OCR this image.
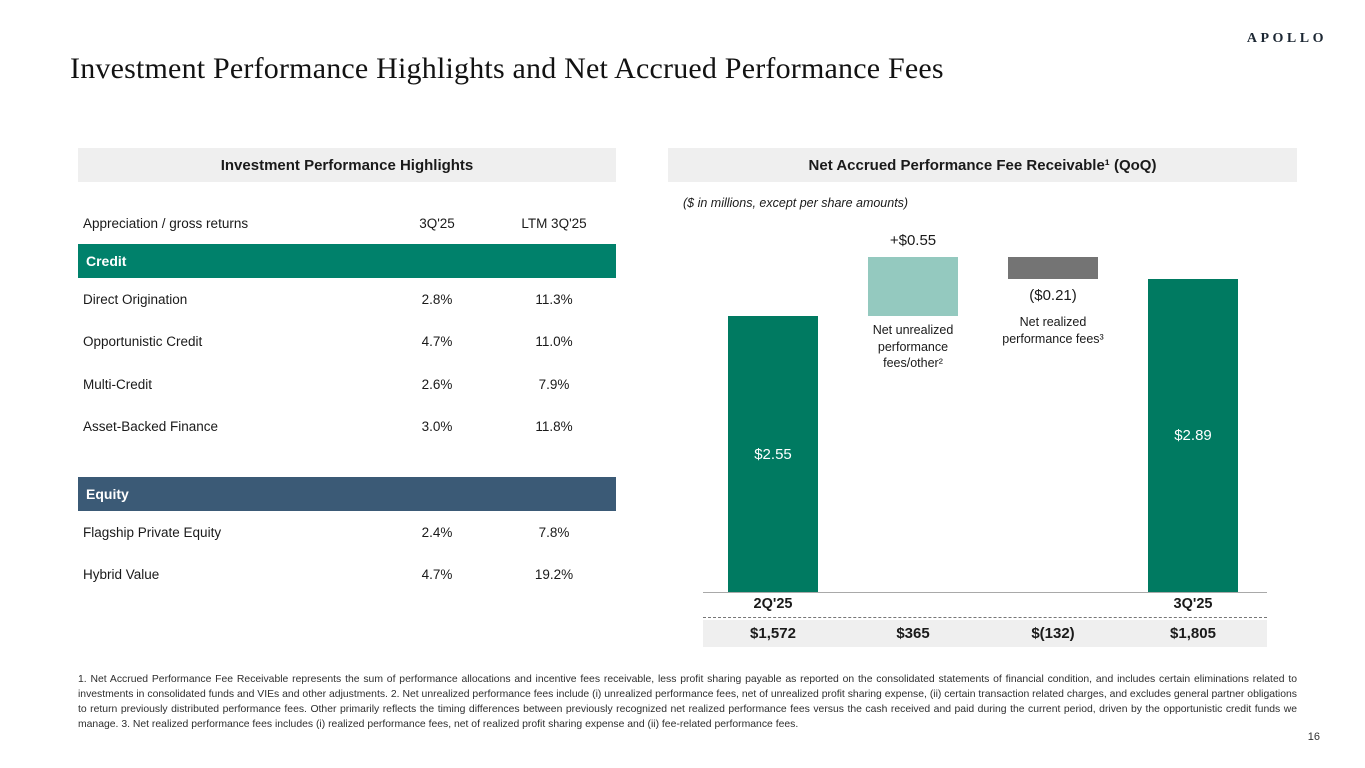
APOLLO
Investment Performance Highlights and Net Accrued Performance Fees
Investment Performance Highlights
Appreciation / gross returns	3Q'25	LTM 3Q'25
Credit
Direct Origination	2.8%	11.3%
Opportunistic Credit	4.7%	11.0%
Multi-Credit	2.6%	7.9%
Asset-Backed Finance	3.0%	11.8%
Equity
Flagship Private Equity	2.4%	7.8%
Hybrid Value	4.7%	19.2%
Net Accrued Performance Fee Receivable¹ (QoQ)
($ in millions, except per share amounts)
$2.55
$2.89
+$0.55
($0.21)
Net unrealized performance fees/other²
Net realized performance fees³
2Q'25	3Q'25
$1,572	$365	$(132)	$1,805
1. Net Accrued Performance Fee Receivable represents the sum of performance allocations and incentive fees receivable, less profit sharing payable as reported on the consolidated statements of financial condition, and includes certain eliminations related to investments in consolidated funds and VIEs and other adjustments. 2. Net unrealized performance fees include (i) unrealized performance fees, net of unrealized profit sharing expense, (ii) certain transaction related charges, and excludes general partner obligations to return previously distributed performance fees. Other primarily reflects the timing differences between previously recognized net realized performance fees versus the cash received and paid during the current period, driven by the opportunistic credit funds we manage. 3. Net realized performance fees includes (i) realized performance fees, net of realized profit sharing expense and (ii) fee-related performance fees.
16
